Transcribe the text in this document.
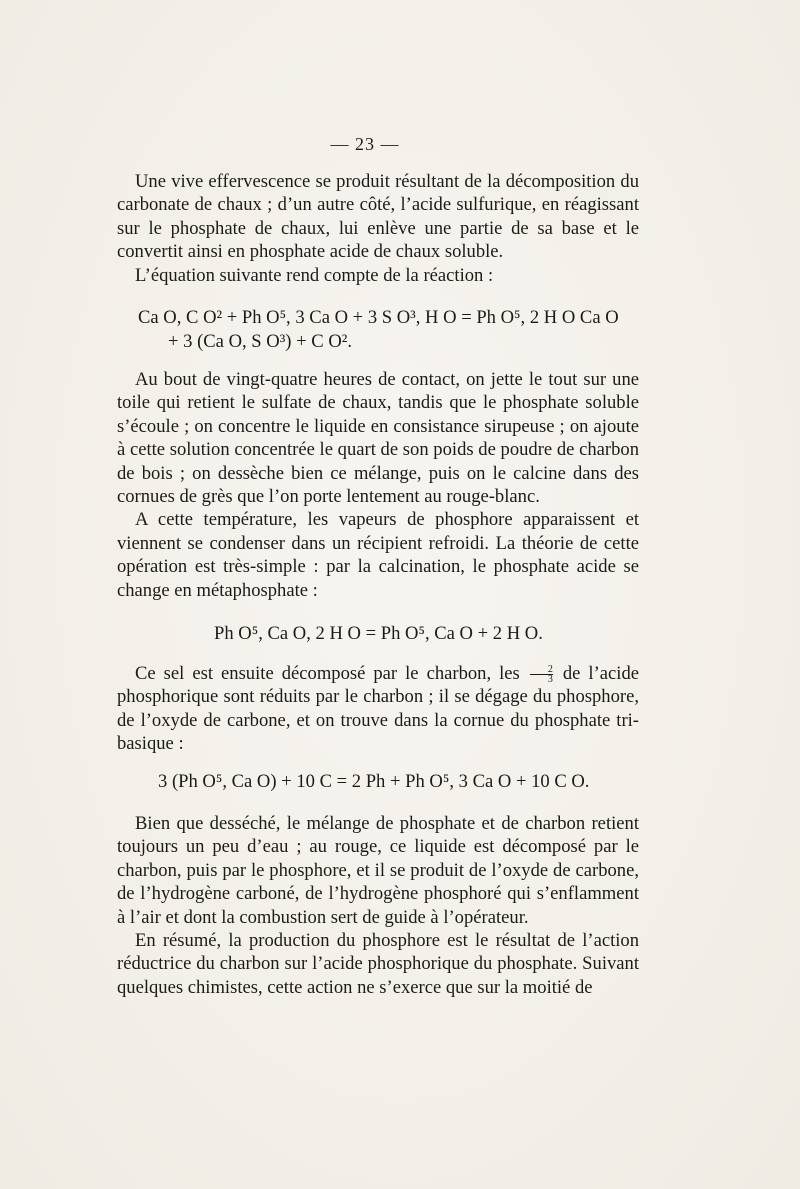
— 23 —

Une vive effervescence se produit résultant de la décomposition du carbonate de chaux ; d’un autre côté, l’acide sulfurique, en réagissant sur le phosphate de chaux, lui enlève une partie de sa base et le convertit ainsi en phosphate acide de chaux soluble.

L’équation suivante rend compte de la réaction :

Ca O, C O² + Ph O⁵, 3 Ca O + 3 S O³, H O = Ph O⁵, 2 H O Ca O
+ 3 (Ca O, S O³) + C O².

Au bout de vingt-quatre heures de contact, on jette le tout sur une toile qui retient le sulfate de chaux, tandis que le phosphate soluble s’écoule ; on concentre le liquide en consistance sirupeuse ; on ajoute à cette solution concentrée le quart de son poids de poudre de charbon de bois ; on dessèche bien ce mélange, puis on le calcine dans des cornues de grès que l’on porte lentement au rouge-blanc.

A cette température, les vapeurs de phosphore apparaissent et viennent se condenser dans un récipient refroidi. La théorie de cette opération est très-simple : par la calcination, le phosphate acide se change en métaphosphate :

Ph O⁵, Ca O, 2 H O = Ph O⁵, Ca O + 2 H O.

Ce sel est ensuite décomposé par le charbon, les $\frac{2}{3}$ de l’acide phosphorique sont réduits par le charbon ; il se dégage du phosphore, de l’oxyde de carbone, et on trouve dans la cornue du phosphate tri-basique :

3 (Ph O⁵, Ca O) + 10 C = 2 Ph + Ph O⁵, 3 Ca O + 10 C O.

Bien que desséché, le mélange de phosphate et de charbon retient toujours un peu d’eau ; au rouge, ce liquide est décomposé par le charbon, puis par le phosphore, et il se produit de l’oxyde de carbone, de l’hydrogène carboné, de l’hydrogène phosphoré qui s’enflamment à l’air et dont la combustion sert de guide à l’opérateur.

En résumé, la production du phosphore est le résultat de l’action réductrice du charbon sur l’acide phosphorique du phosphate. Suivant quelques chimistes, cette action ne s’exerce que sur la moitié de
